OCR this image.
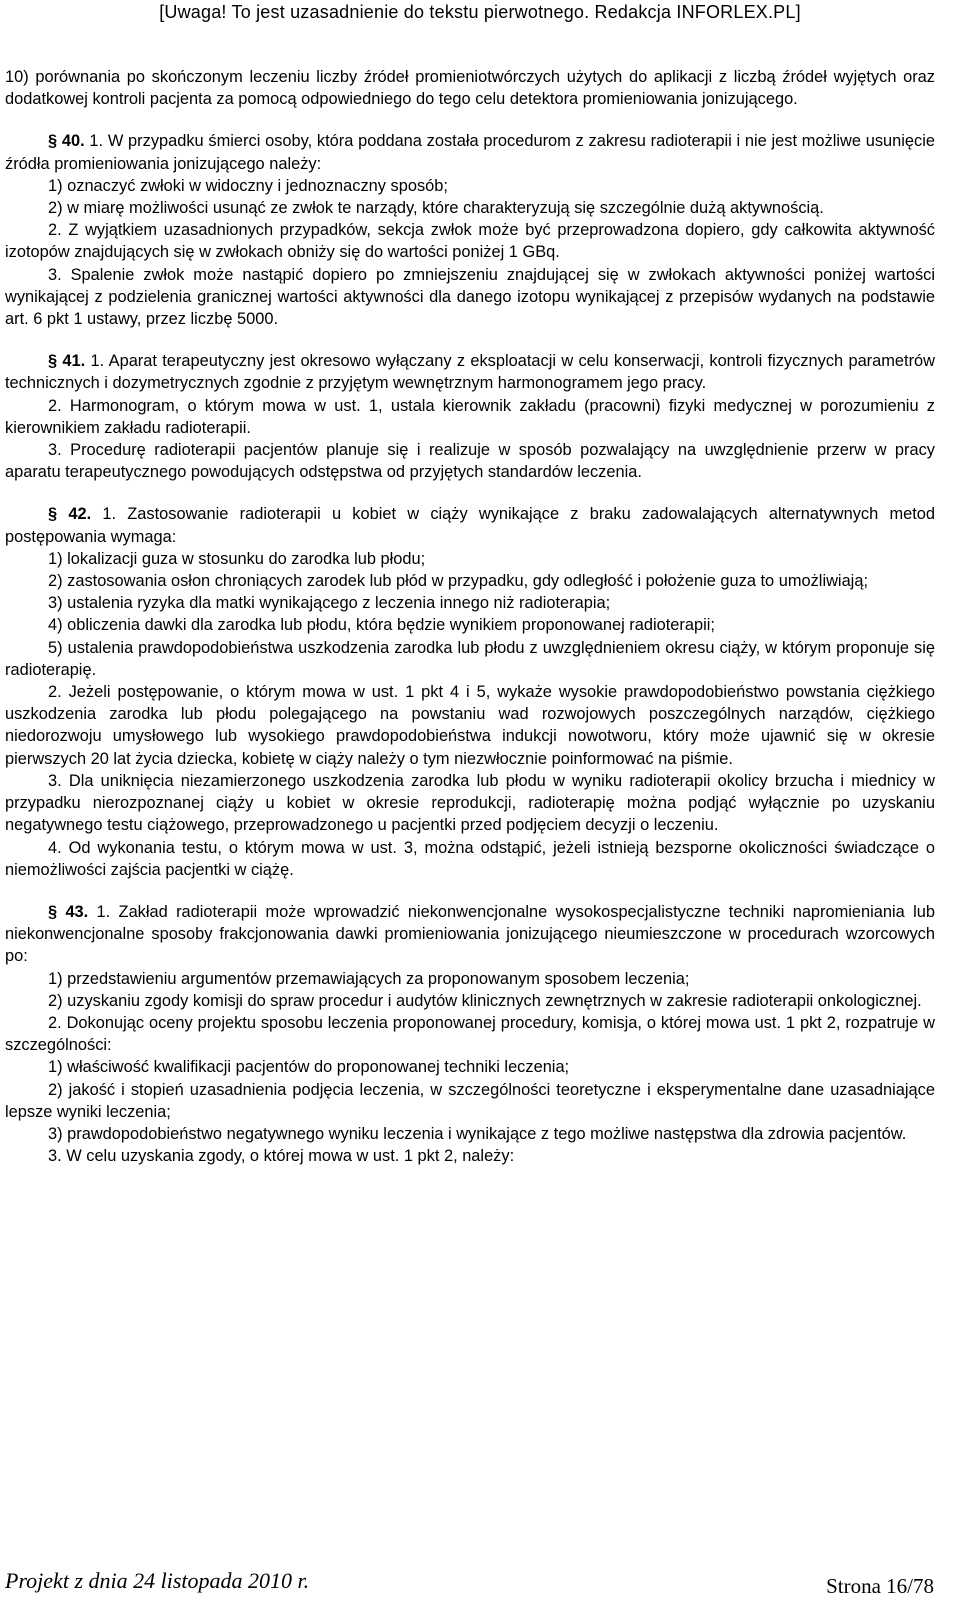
[Uwaga! To jest uzasadnienie do tekstu pierwotnego. Redakcja INFORLEX.PL]

10) porównania po skończonym leczeniu liczby źródeł promieniotwórczych użytych do aplikacji z liczbą źródeł wyjętych oraz dodatkowej kontroli pacjenta za pomocą odpowiedniego do tego celu detektora promieniowania jonizującego.

§ 40. 1. W przypadku śmierci osoby, która poddana została procedurom z zakresu radioterapii i nie jest możliwe usunięcie źródła promieniowania jonizującego należy:

1) oznaczyć zwłoki w widoczny i jednoznaczny sposób;

2) w miarę możliwości usunąć ze zwłok te narządy, które charakteryzują się szczególnie dużą aktywnością.

2. Z wyjątkiem uzasadnionych przypadków, sekcja zwłok może być przeprowadzona dopiero, gdy całkowita aktywność izotopów znajdujących się w zwłokach obniży się do wartości poniżej 1 GBq.

3. Spalenie zwłok może nastąpić dopiero po zmniejszeniu znajdującej się w zwłokach aktywności poniżej wartości wynikającej z podzielenia granicznej wartości aktywności dla danego izotopu wynikającej z przepisów wydanych na podstawie art. 6 pkt 1 ustawy, przez liczbę 5000.

§ 41. 1. Aparat terapeutyczny jest okresowo wyłączany z eksploatacji w celu konserwacji, kontroli fizycznych parametrów technicznych i dozymetrycznych zgodnie z przyjętym wewnętrznym harmonogramem jego pracy.

2. Harmonogram, o którym mowa w ust. 1, ustala kierownik zakładu (pracowni) fizyki medycznej w porozumieniu z kierownikiem zakładu radioterapii.

3. Procedurę radioterapii pacjentów planuje się i realizuje w sposób pozwalający na uwzględnienie przerw w pracy aparatu terapeutycznego powodujących odstępstwa od przyjętych standardów leczenia.

§ 42. 1. Zastosowanie radioterapii u kobiet w ciąży wynikające z braku zadowalających alternatywnych metod postępowania wymaga:

1) lokalizacji guza w stosunku do zarodka lub płodu;

2) zastosowania osłon chroniących zarodek lub płód w przypadku, gdy odległość i położenie guza to umożliwiają;

3) ustalenia ryzyka dla matki wynikającego z leczenia innego niż radioterapia;

4) obliczenia dawki dla zarodka lub płodu, która będzie wynikiem proponowanej radioterapii;

5) ustalenia prawdopodobieństwa uszkodzenia zarodka lub płodu z uwzględnieniem okresu ciąży, w którym proponuje się radioterapię.

2. Jeżeli postępowanie, o którym mowa w ust. 1 pkt 4 i 5, wykaże wysokie prawdopodobieństwo powstania ciężkiego uszkodzenia zarodka lub płodu polegającego na powstaniu wad rozwojowych poszczególnych narządów, ciężkiego niedorozwoju umysłowego lub wysokiego prawdopodobieństwa indukcji nowotworu, który może ujawnić się w okresie pierwszych 20 lat życia dziecka, kobietę w ciąży należy o tym niezwłocznie poinformować na piśmie.

3. Dla uniknięcia niezamierzonego uszkodzenia zarodka lub płodu w wyniku radioterapii okolicy brzucha i miednicy w przypadku nierozpoznanej ciąży u kobiet w okresie reprodukcji, radioterapię można podjąć wyłącznie po uzyskaniu negatywnego testu ciążowego, przeprowadzonego u pacjentki przed podjęciem decyzji o leczeniu.

4. Od wykonania testu, o którym mowa w ust. 3, można odstąpić, jeżeli istnieją bezsporne okoliczności świadczące o niemożliwości zajścia pacjentki w ciążę.

§ 43. 1. Zakład radioterapii może wprowadzić niekonwencjonalne wysokospecjalistyczne techniki napromieniania lub niekonwencjonalne sposoby frakcjonowania dawki promieniowania jonizującego nieumieszczone w procedurach wzorcowych po:

1) przedstawieniu argumentów przemawiających za proponowanym sposobem leczenia;

2) uzyskaniu zgody komisji do spraw procedur i audytów klinicznych zewnętrznych w zakresie radioterapii onkologicznej.

2. Dokonując oceny projektu sposobu leczenia proponowanej procedury, komisja, o której mowa ust. 1 pkt 2, rozpatruje w szczególności:

1) właściwość kwalifikacji pacjentów do proponowanej techniki leczenia;

2) jakość i stopień uzasadnienia podjęcia leczenia, w szczególności teoretyczne i eksperymentalne dane uzasadniające lepsze wyniki leczenia;

3) prawdopodobieństwo negatywnego wyniku leczenia i wynikające z tego możliwe następstwa dla zdrowia pacjentów.

3. W celu uzyskania zgody, o której mowa w ust. 1 pkt 2, należy:

Projekt z dnia 24 listopada 2010 r.	Strona 16/78
